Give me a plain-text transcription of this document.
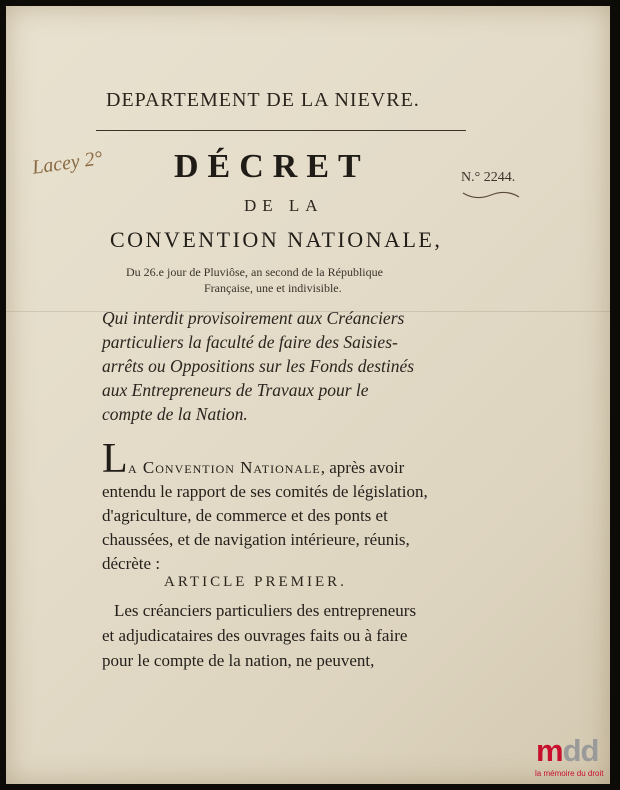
DEPARTEMENT DE LA NIEVRE.
Lacey 2°	N.° 2244.
DÉCRET
DE LA
CONVENTION NATIONALE,
Du 26.e jour de Pluviôse, an second de la République
Française, une et indivisible.
Qui interdit provisoirement aux Créanciers
particuliers la faculté de faire des Saisies-
arrêts ou Oppositions sur les Fonds destinés
aux Entrepreneurs de Travaux pour le
compte de la Nation.
L a Convention Nationale, après avoir
entendu le rapport de ses comités de législation,
d'agriculture, de commerce et des ponts et
chaussées, et de navigation intérieure, réunis,
décrète :
ARTICLE PREMIER.
Les créanciers particuliers des entrepreneurs
et adjudicataires des ouvrages faits ou à faire
pour le compte de la nation, ne peuvent,
mdd
la mémoire du droit
